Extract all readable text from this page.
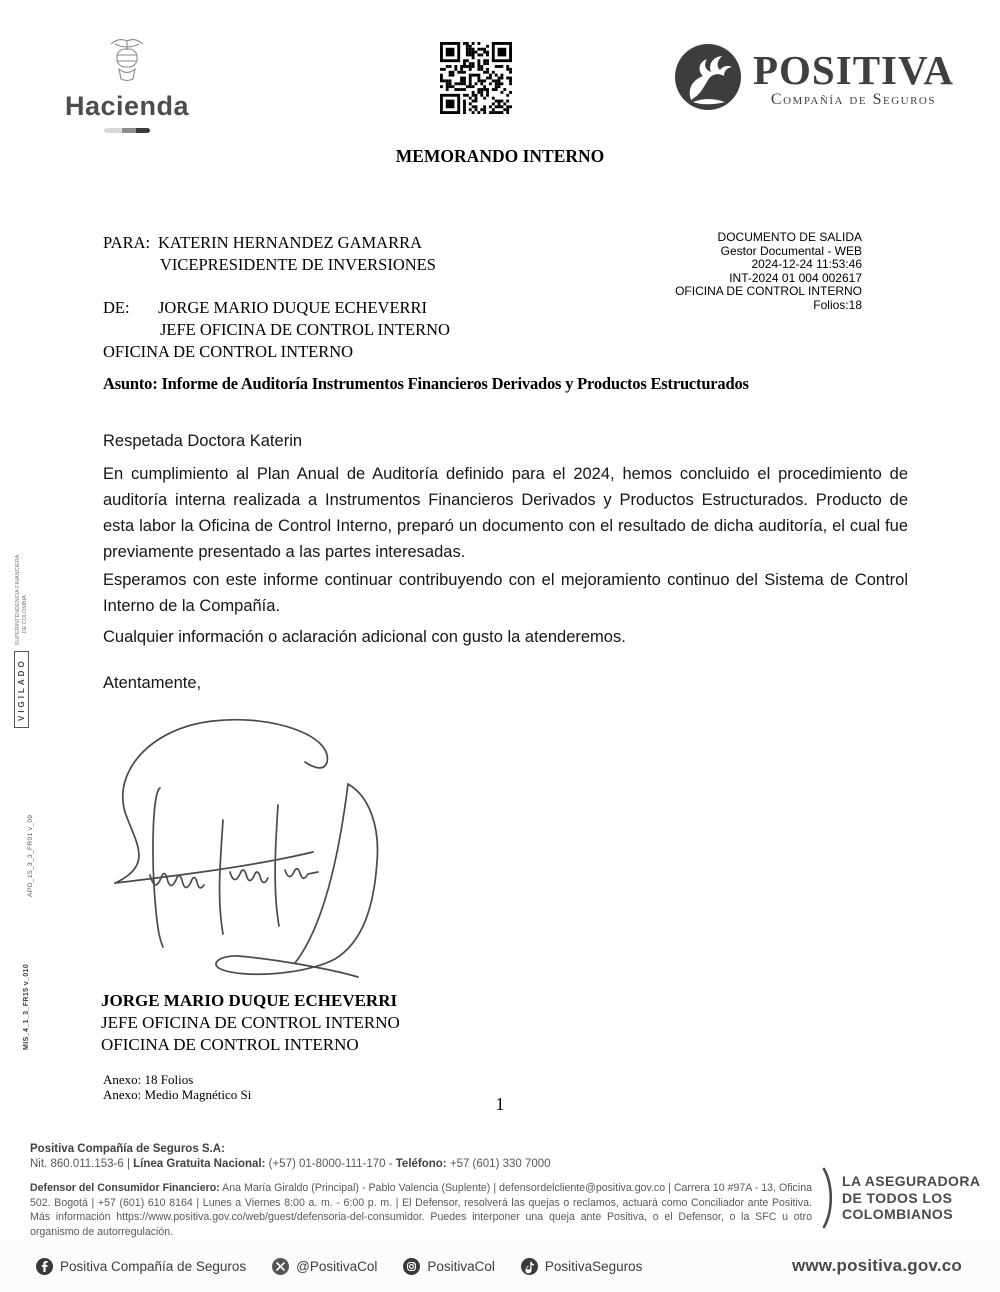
Hacienda
POSITIVA
Compañía de Seguros
MEMORANDO INTERNO
PARA: KATERIN HERNANDEZ GAMARRA
VICEPRESIDENTE DE INVERSIONES
DE: JORGE MARIO DUQUE ECHEVERRI
JEFE OFICINA DE CONTROL INTERNO
OFICINA DE CONTROL INTERNO
DOCUMENTO DE SALIDA
Gestor Documental - WEB
2024-12-24 11:53:46
INT-2024 01 004 002617
OFICINA DE CONTROL INTERNO
Folios:18
Asunto: Informe de Auditoría Instrumentos Financieros Derivados y Productos Estructurados
Respetada Doctora Katerin
En cumplimiento al Plan Anual de Auditoría definido para el 2024, hemos concluido el procedimiento de auditoría interna realizada a Instrumentos Financieros Derivados y Productos Estructurados. Producto de esta labor la Oficina de Control Interno, preparó un documento con el resultado de dicha auditoría, el cual fue previamente presentado a las partes interesadas.
Esperamos con este informe continuar contribuyendo con el mejoramiento continuo del Sistema de Control Interno de la Compañía.
Cualquier información o aclaración adicional con gusto la atenderemos.
Atentamente,
JORGE MARIO DUQUE ECHEVERRI
JEFE OFICINA DE CONTROL INTERNO
OFICINA DE CONTROL INTERNO
Anexo: 18 Folios
Anexo: Medio Magnético Si	1
VIGILADO
SUPERINTENDENCIA FINANCIERA
DE COLOMBIA
APO_15_3_3_FR01 v_09
MIS_4_1_3_FR15 v_010
Positiva Compañía de Seguros S.A:
Nit. 860.011.153-6 | Línea Gratuita Nacional: (+57) 01-8000-111-170 - Teléfono: +57 (601) 330 7000
Defensor del Consumidor Financiero: Ana María Giraldo (Principal) - Pablo Valencia (Suplente) | defensordelcliente@positiva.gov.co | Carrera 10 #97A - 13, Oficina 502. Bogotá | +57 (601) 610 8164 | Lunes a Viernes 8:00 a. m. - 6:00 p. m. | El Defensor, resolverá las quejas o reclamos, actuará como Conciliador ante Positiva. Más información https://www.positiva.gov.co/web/guest/defensoria-del-consumidor. Puedes interponer una queja ante Positiva, o el Defensor, o la SFC u otro organismo de autorregulación.
LA ASEGURADORA
DE TODOS LOS
COLOMBIANOS
Positiva Compañía de Seguros	@PositivaCol	PositivaCol	PositivaSeguros	www.positiva.gov.co
